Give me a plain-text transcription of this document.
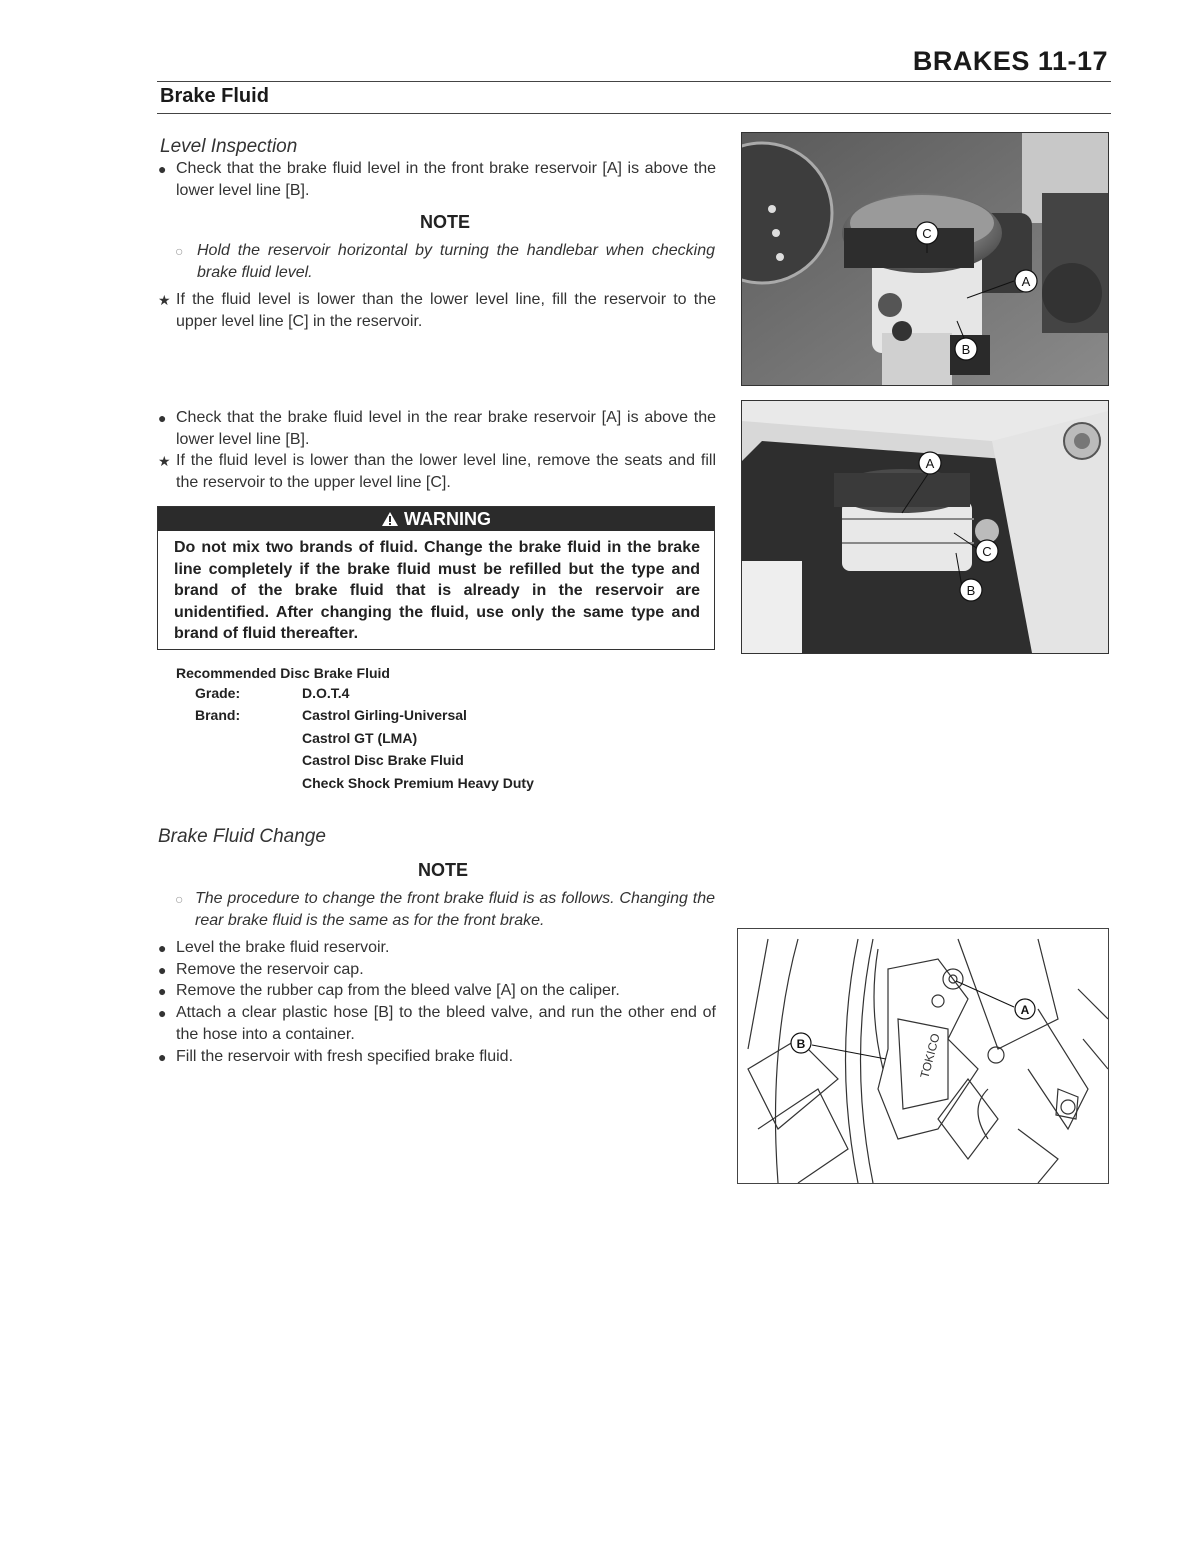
BRAKES 11-17
Brake Fluid
Level Inspection
● Check that the brake fluid level in the front brake reservoir [A] is above the lower level line [B].
NOTE
○ Hold the reservoir horizontal by turning the handlebar when checking brake fluid level.
★ If the fluid level is lower than the lower level line, fill the reservoir to the upper level line [C] in the reservoir.
● Check that the brake fluid level in the rear brake reservoir [A] is above the lower level line [B].
★ If the fluid level is lower than the lower level line, remove the seats and fill the reservoir to the upper level line [C].
WARNING
Do not mix two brands of fluid. Change the brake fluid in the brake line completely if the brake fluid must be refilled but the type and brand of the brake fluid that is already in the reservoir are unidentified. After changing the fluid, use only the same type and brand of fluid thereafter.
Recommended Disc Brake Fluid
Grade:	D.O.T.4
Brand:	Castrol Girling-Universal
Castrol GT (LMA)
Castrol Disc Brake Fluid
Check Shock Premium Heavy Duty
Brake Fluid Change
NOTE
○ The procedure to change the front brake fluid is as follows. Changing the rear brake fluid is the same as for the front brake.
● Level the brake fluid reservoir.
● Remove the reservoir cap.
● Remove the rubber cap from the bleed valve [A] on the caliper.
● Attach a clear plastic hose [B] to the bleed valve, and run the other end of the hose into a container.
● Fill the reservoir with fresh specified brake fluid.
C
A
B
A
C
B
TOKICO
A
B
